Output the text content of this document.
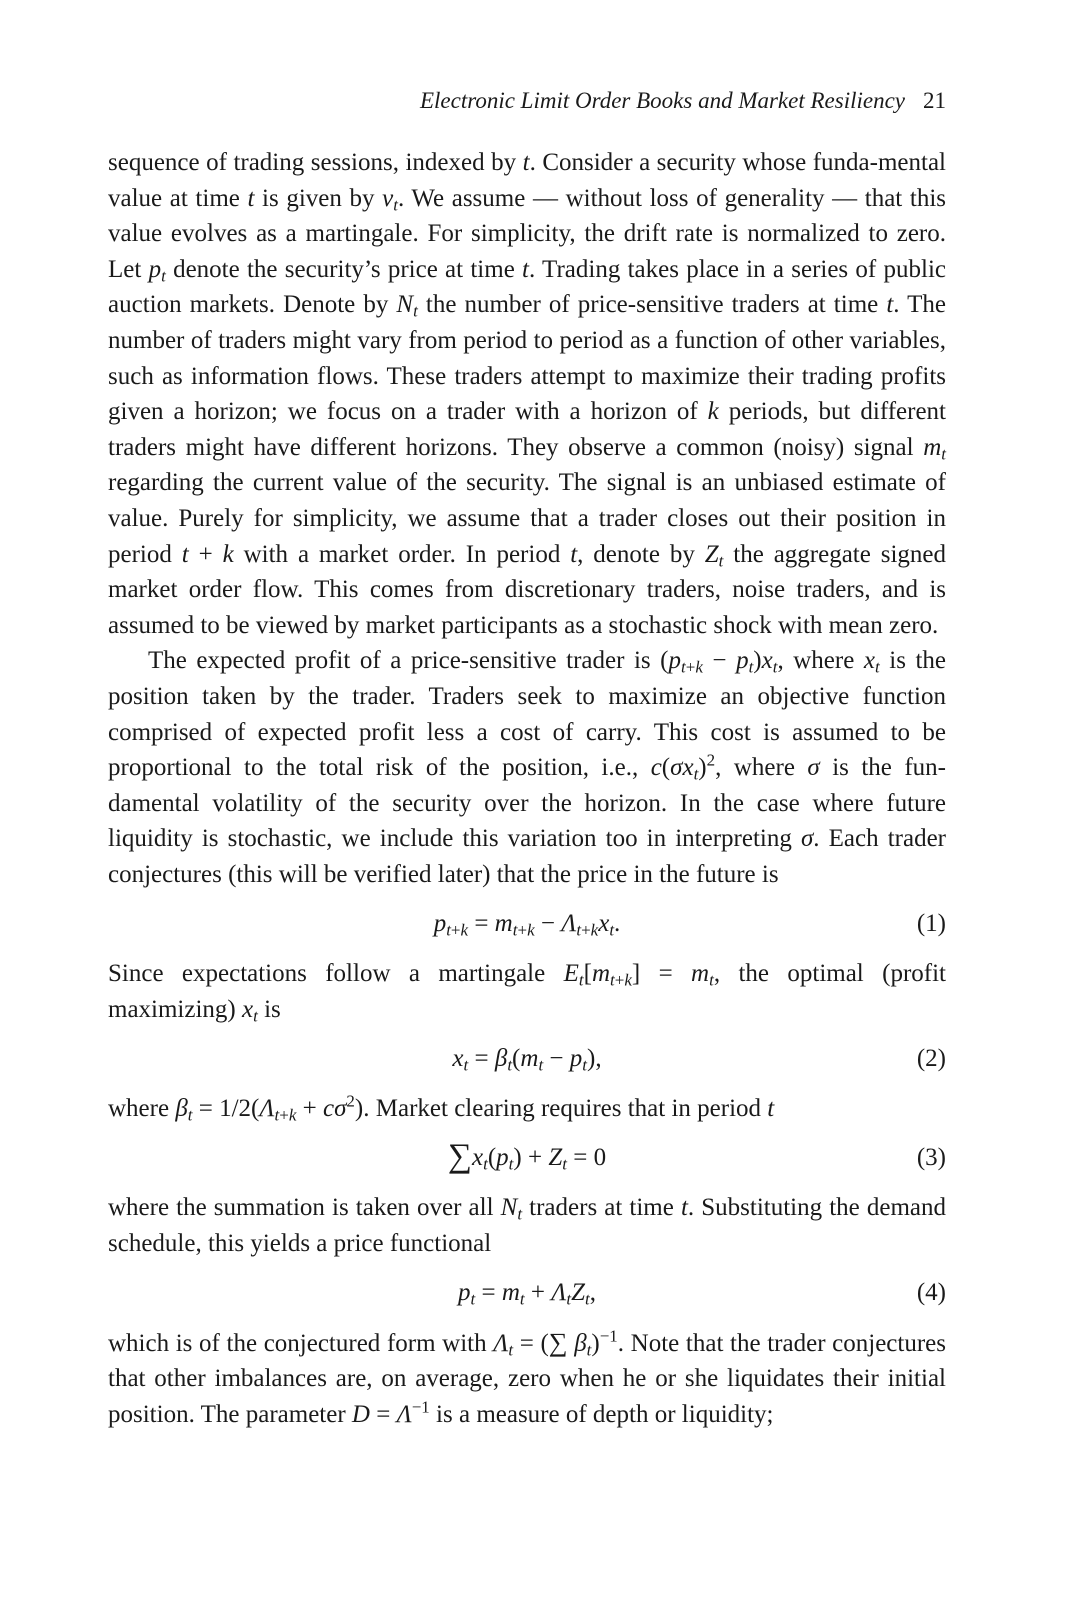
Electronic Limit Order Books and Market Resiliency 21

sequence of trading sessions, indexed by t. Consider a security whose funda-mental value at time t is given by $v_t$. We assume — without loss of generality — that this value evolves as a martingale. For simplicity, the drift rate is normalized to zero. Let $p_t$ denote the security’s price at time t. Trading takes place in a series of public auction markets. Denote by $N_t$ the number of price-sensitive traders at time t. The number of traders might vary from period to period as a function of other variables, such as information flows. These traders attempt to maximize their trading profits given a horizon; we focus on a trader with a horizon of k periods, but different traders might have different horizons. They observe a common (noisy) signal $m_t$ regarding the current value of the security. The signal is an unbiased estimate of value. Purely for simplicity, we assume that a trader closes out their position in period t + k with a market order. In period t, denote by $Z_t$ the aggregate signed market order flow. This comes from discretionary traders, noise traders, and is assumed to be viewed by market participants as a stochastic shock with mean zero.

The expected profit of a price-sensitive trader is $(p_{t+k} - p_t)x_t$, where $x_t$ is the position taken by the trader. Traders seek to maximize an objective function comprised of expected profit less a cost of carry. This cost is assumed to be proportional to the total risk of the position, i.e., $c(\sigma x_t)^2$, where σ is the fun-damental volatility of the security over the horizon. In the case where future liquidity is stochastic, we include this variation too in interpreting σ. Each trader conjectures (this will be verified later) that the price in the future is

$p_{t+k} = m_{t+k} - \Lambda_{t+k}x_t$.	(1)

Since expectations follow a martingale $E_t[m_{t+k}] = m_t$, the optimal (profit maximizing) $x_t$ is

$x_t = \beta_t(m_t - p_t)$,	(2)

where $\beta_t = 1/2(\Lambda_{t+k} + c\sigma^2)$. Market clearing requires that in period t

$\sum x_t(p_t) + Z_t = 0$	(3)

where the summation is taken over all $N_t$ traders at time t. Substituting the demand schedule, this yields a price functional

$p_t = m_t + \Lambda_tZ_t$,	(4)

which is of the conjectured form with $\Lambda_t$ = (∑ $\beta_t)^{-1}$. Note that the trader conjectures that other imbalances are, on average, zero when he or she liquidates their initial position. The parameter $D = \Lambda^{-1}$ is a measure of depth or liquidity;
